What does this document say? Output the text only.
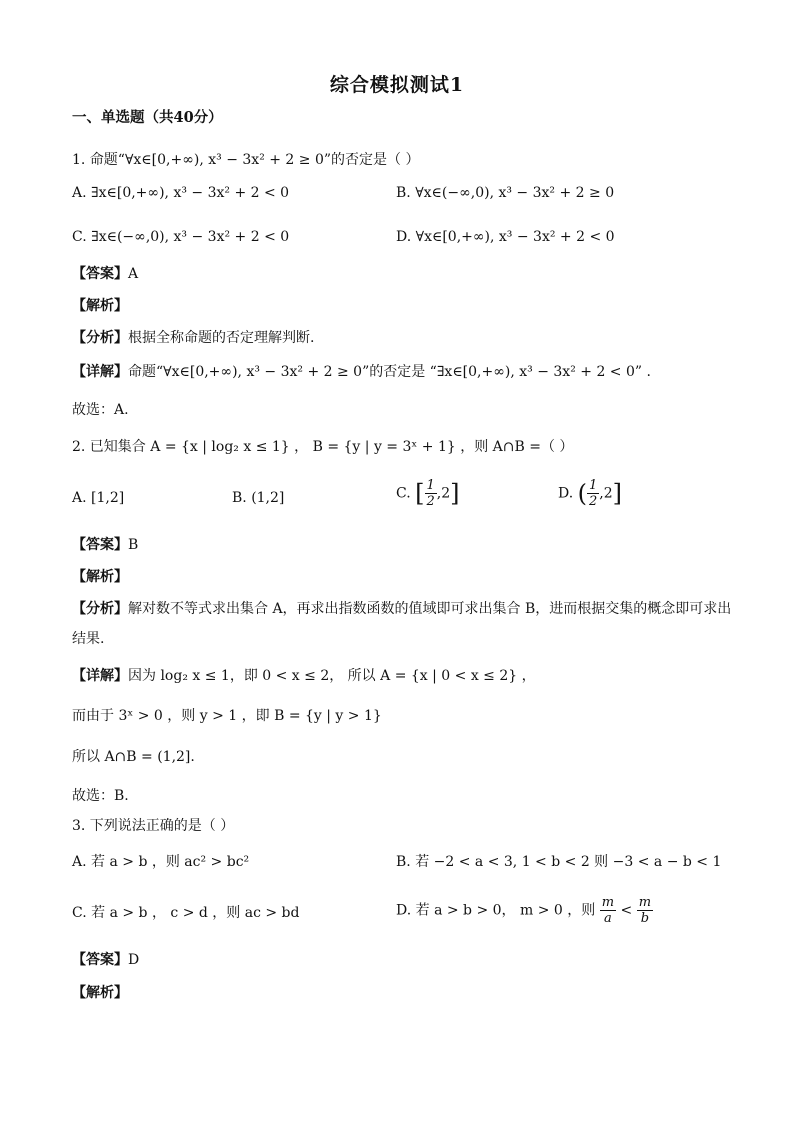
综合模拟测试1
一、单选题（共40分）
1. 命题“∀x∈[0,+∞), x³ − 3x² + 2 ≥ 0”的否定是（ ）
A. ∃x∈[0,+∞), x³ − 3x² + 2 < 0	B. ∀x∈(−∞,0), x³ − 3x² + 2 ≥ 0
C. ∃x∈(−∞,0), x³ − 3x² + 2 < 0	D. ∀x∈[0,+∞), x³ − 3x² + 2 < 0
【答案】A
【解析】
【分析】根据全称命题的否定理解判断.
【详解】命题“∀x∈[0,+∞), x³ − 3x² + 2 ≥ 0”的否定是 “∃x∈[0,+∞), x³ − 3x² + 2 < 0” .
故选：A.
2. 已知集合 A = {x | log₂ x ≤ 1} ， B = {y | y = 3ˣ + 1} ，则 A∩B =（ ）
A. [1,2]	B. (1,2]	C. [ $\frac{1}{2} ,2$]	D. ( $\frac{1}{2} ,2$]
【答案】B
【解析】
【分析】解对数不等式求出集合 A，再求出指数函数的值域即可求出集合 B，进而根据交集的概念即可求出
结果.
【详解】因为 log₂ x ≤ 1，即 0 < x ≤ 2， 所以 A = {x | 0 < x ≤ 2} ，
而由于 3ˣ > 0 ，则 y > 1 ，即 B = {y | y > 1}
所以 A∩B = (1,2].
故选：B.
3. 下列说法正确的是（ ）
A. 若 a > b ，则 ac² > bc²	B. 若 −2 < a < 3, 1 < b < 2 则 −3 < a − b < 1
C. 若 a > b ， c > d ，则 ac > bd	D. 若 a > b > 0， m > 0 ，则 $\frac{m}{a} < \frac{m}{b}$
【答案】D
【解析】
